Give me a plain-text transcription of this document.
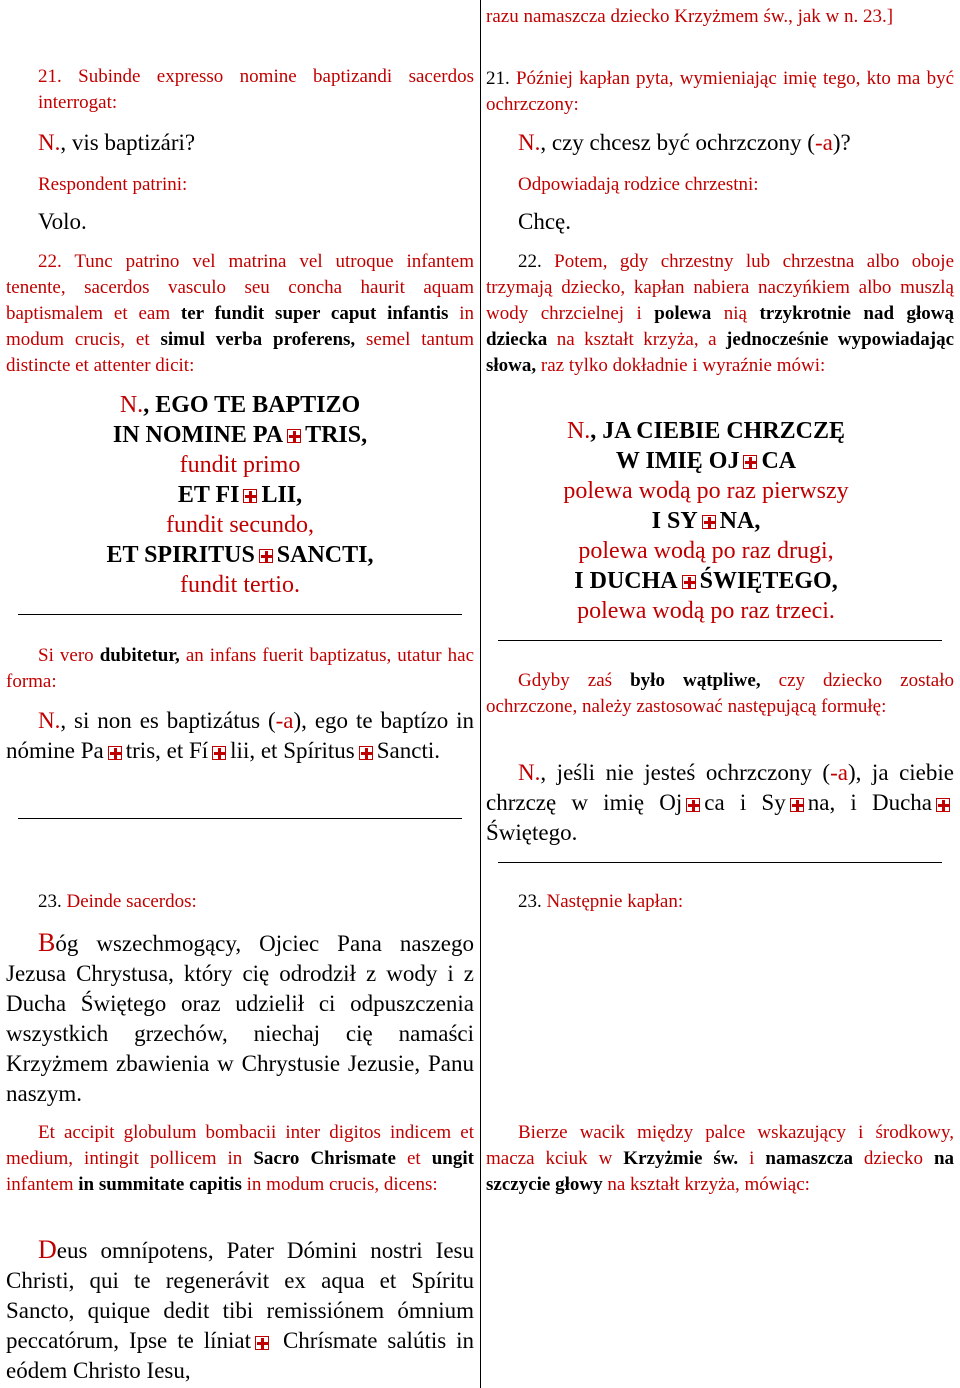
21. Subinde expresso nomine baptizandi sacerdos interrogat:

N., vis baptizári?

Respondent patrini:

Volo.

22. Tunc patrino vel matrina vel utroque infantem tenente, sacerdos vasculo seu concha haurit aquam baptismalem et eam ter fundit super caput infantis in modum crucis, et simul verba proferens, semel tantum distincte et attenter dicit:

N., EGO TE BAPTIZO
IN NOMINE PA TRIS,
fundit primo
ET FI LII,
fundit secundo,
ET SPIRITUS SANCTI,
fundit tertio.

Si vero dubitetur, an infans fuerit baptizatus, utatur hac forma:

N., si non es baptizátus (-a), ego te baptízo in nómine Pa tris, et Fí lii, et Spíritus Sancti.

23. Deinde sacerdos:

Bóg wszechmogący, Ojciec Pana naszego Jezusa Chrystusa, który cię odrodził z wody i z Ducha Świętego oraz udzielił ci odpuszczenia wszystkich grzechów, niechaj cię namaści Krzyżmem zbawienia w Chrystusie Jezusie, Panu naszym.

Et accipit globulum bombacii inter digitos indicem et medium, intingit pollicem in Sacro Chrismate et ungit infantem in summitate capitis in modum crucis, dicens:

Deus omnípotens, Pater Dómini nostri Iesu Christi, qui te regenerávit ex aqua et Spíritu Sancto, quique dedit tibi remissiónem ómnium peccatórum, Ipse te líniat Chrísmate salútis in eódem Christo Iesu,

razu namaszcza dziecko Krzyżmem św., jak w n. 23.]

21. Później kapłan pyta, wymieniając imię tego, kto ma być ochrzczony:

N., czy chcesz być ochrzczony (-a)?

Odpowiadają rodzice chrzestni:

Chcę.

22. Potem, gdy chrzestny lub chrzestna albo oboje trzymają dziecko, kapłan nabiera naczyńkiem albo muszlą wody chrzcielnej i polewa nią trzykrotnie nad głową dziecka na kształt krzyża, a jednocześnie wypowiadając słowa, raz tylko dokładnie i wyraźnie mówi:

N., JA CIEBIE CHRZCZĘ
W IMIĘ OJ CA
polewa wodą po raz pierwszy
I SY NA,
polewa wodą po raz drugi,
I DUCHA ŚWIĘTEGO,
polewa wodą po raz trzeci.

Gdyby zaś było wątpliwe, czy dziecko zostało ochrzczone, należy zastosować następującą formułę:

N., jeśli nie jesteś ochrzczony (-a), ja ciebie chrzczę w imię Oj ca i Sy na, i DuchaŚwiętego.

23. Następnie kapłan:

Bierze wacik między palce wskazujący i środkowy, macza kciuk w Krzyżmie św. i namaszcza dziecko na szczycie głowy na kształt krzyża, mówiąc:
